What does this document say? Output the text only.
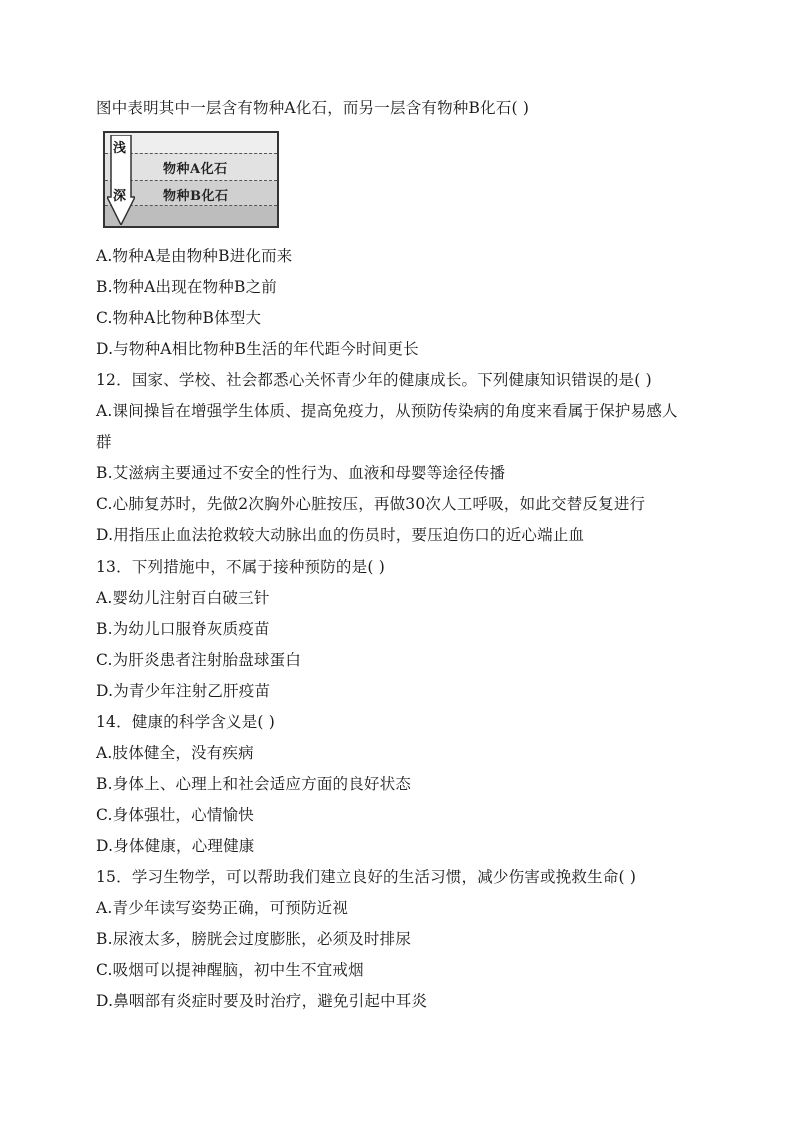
图中表明其中一层含有物种A化石，而另一层含有物种B化石( )
物种A化石
物种B化石
浅
深
A.物种A是由物种B进化而来
B.物种A出现在物种B之前
C.物种A比物种B体型大
D.与物种A相比物种B生活的年代距今时间更长
12．国家、学校、社会都悉心关怀青少年的健康成长。下列健康知识错误的是( )
A.课间操旨在增强学生体质、提高免疫力，从预防传染病的角度来看属于保护易感人
群
B.艾滋病主要通过不安全的性行为、血液和母婴等途径传播
C.心肺复苏时，先做2次胸外心脏按压，再做30次人工呼吸，如此交替反复进行
D.用指压止血法抢救较大动脉出血的伤员时，要压迫伤口的近心端止血
13．下列措施中，不属于接种预防的是( )
A.婴幼儿注射百白破三针
B.为幼儿口服脊灰质疫苗
C.为肝炎患者注射胎盘球蛋白
D.为青少年注射乙肝疫苗
14．健康的科学含义是( )
A.肢体健全，没有疾病
B.身体上、心理上和社会适应方面的良好状态
C.身体强壮，心情愉快
D.身体健康，心理健康
15．学习生物学，可以帮助我们建立良好的生活习惯，减少伤害或挽救生命( )
A.青少年读写姿势正确，可预防近视
B.尿液太多，膀胱会过度膨胀，必须及时排尿
C.吸烟可以提神醒脑，初中生不宜戒烟
D.鼻咽部有炎症时要及时治疗，避免引起中耳炎
